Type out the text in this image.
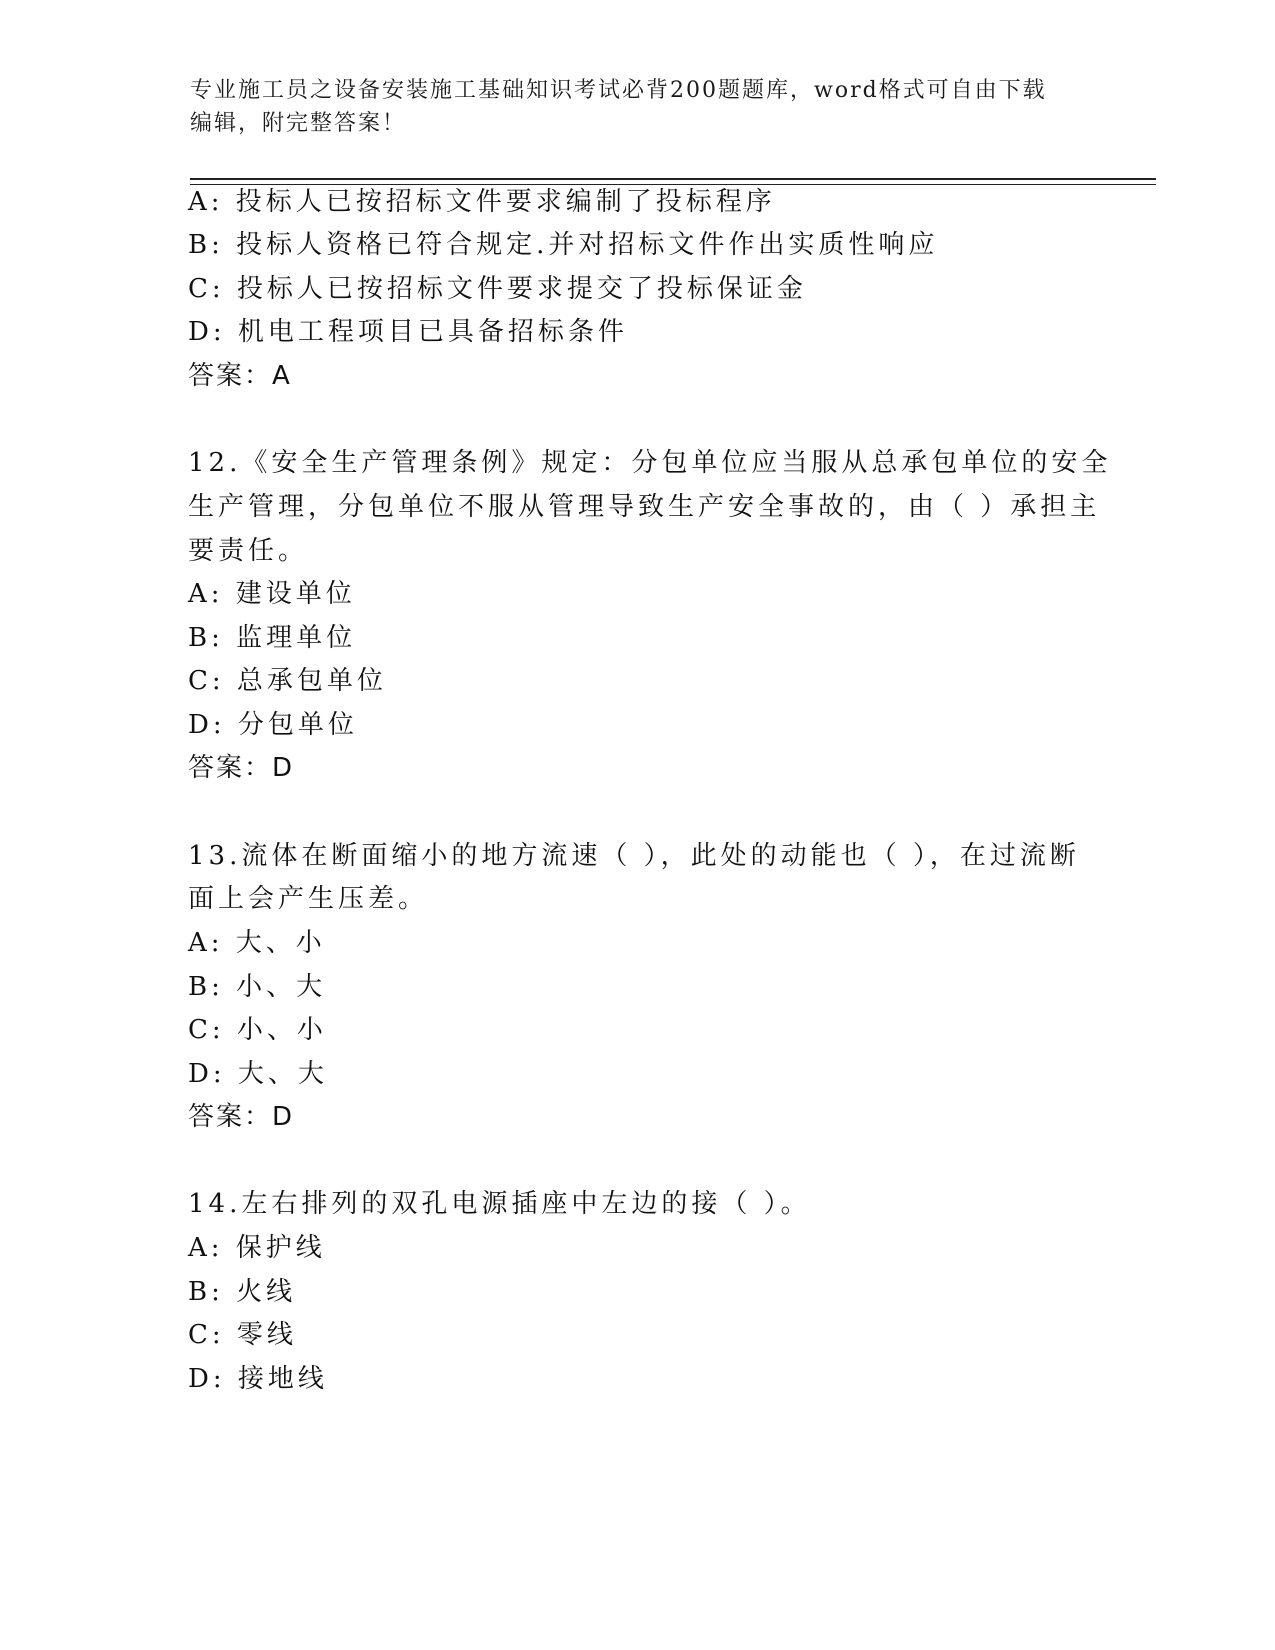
专业施工员之设备安装施工基础知识考试必背200题题库，word格式可自由下载
编辑，附完整答案！
A: 投标人已按招标文件要求编制了投标程序
B: 投标人资格已符合规定.并对招标文件作出实质性响应
C: 投标人已按招标文件要求提交了投标保证金
D: 机电工程项目已具备招标条件
答案：A
12.《安全生产管理条例》规定：分包单位应当服从总承包单位的安全
生产管理，分包单位不服从管理导致生产安全事故的，由（ ）承担主
要责任。
A: 建设单位
B: 监理单位
C: 总承包单位
D: 分包单位
答案：D
13.流体在断面缩小的地方流速（ ），此处的动能也（ ），在过流断
面上会产生压差。
A: 大、小
B: 小、大
C: 小、小
D: 大、大
答案：D
14.左右排列的双孔电源插座中左边的接（ ）。
A: 保护线
B: 火线
C: 零线
D: 接地线
